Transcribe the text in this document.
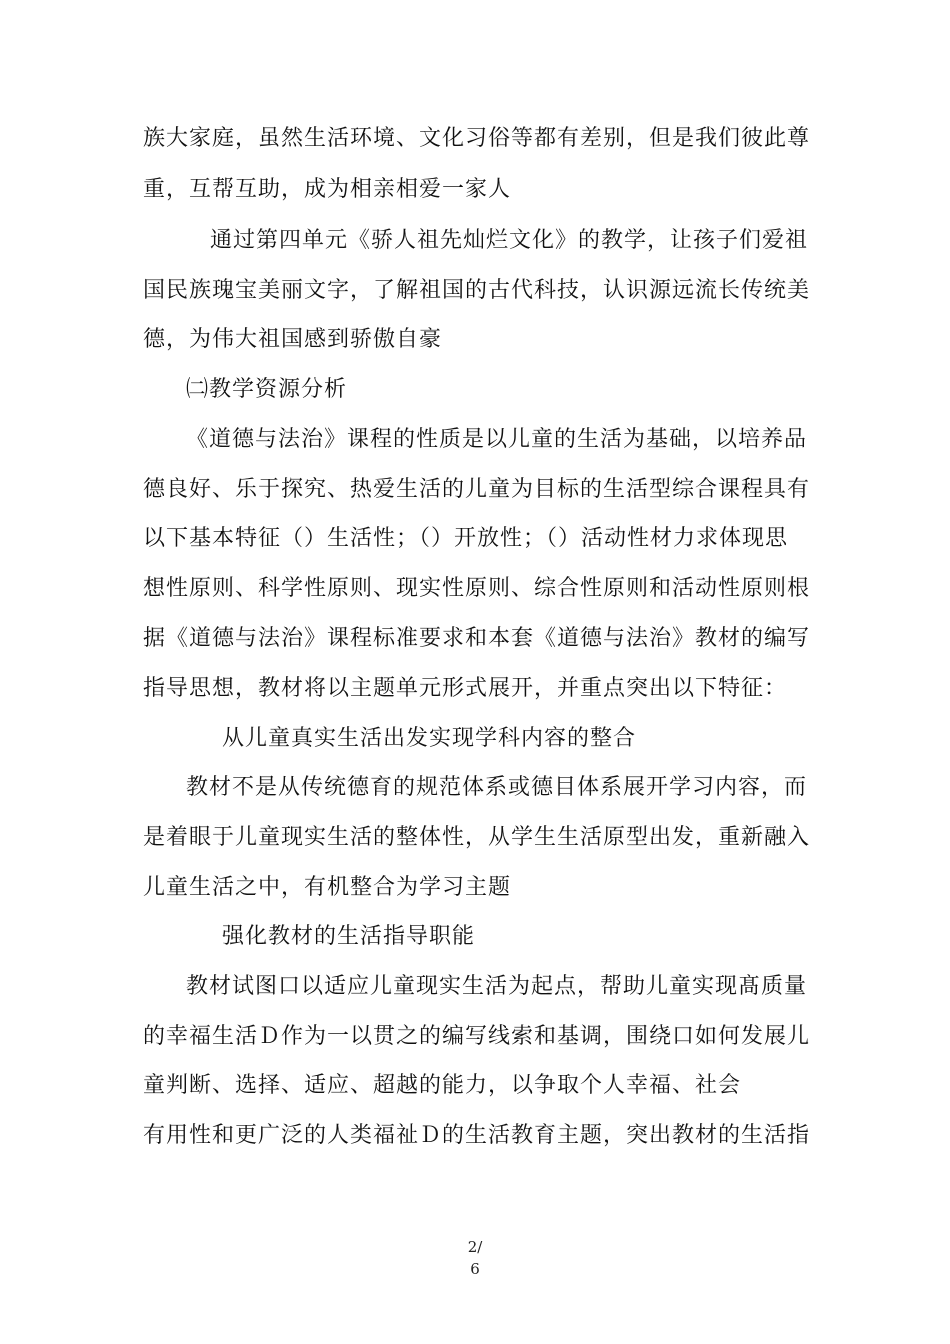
族大家庭，虽然生活环境、文化习俗等都有差别，但是我们彼此尊
重，互帮互助，成为相亲相爱一家人
通过第四单元《骄人祖先灿烂文化》的教学，让孩子们爱祖
国民族瑰宝美丽文字，了解祖国的古代科技，认识源远流长传统美
德，为伟大祖国感到骄傲自豪
㈡教学资源分析
《道德与法治》课程的性质是以儿童的生活为基础，以培养品
德良好、乐于探究、热爱生活的儿童为目标的生活型综合课程具有
以下基本特征（）生活性；（）开放性；（）活动性材力求体现思
想性原则、科学性原则、现实性原则、综合性原则和活动性原则根
据《道德与法治》课程标准要求和本套《道德与法治》教材的编写
指导思想，教材将以主题单元形式展开，并重点突出以下特征：
从儿童真实生活出发实现学科内容的整合
教材不是从传统德育的规范体系或德目体系展开学习内容，而
是着眼于儿童现实生活的整体性，从学生生活原型出发，重新融入
儿童生活之中，有机整合为学习主题
强化教材的生活指导职能
教材试图口以适应儿童现实生活为起点，帮助儿童实现髙质量
的幸福生活Ｄ作为一以贯之的编写线索和基调，围绕口如何发展儿
童判断、选择、适应、超越的能力，以争取个人幸福、社会
有用性和更广泛的人类福祉Ｄ的生活教育主题，突出教材的生活指
2/
6
